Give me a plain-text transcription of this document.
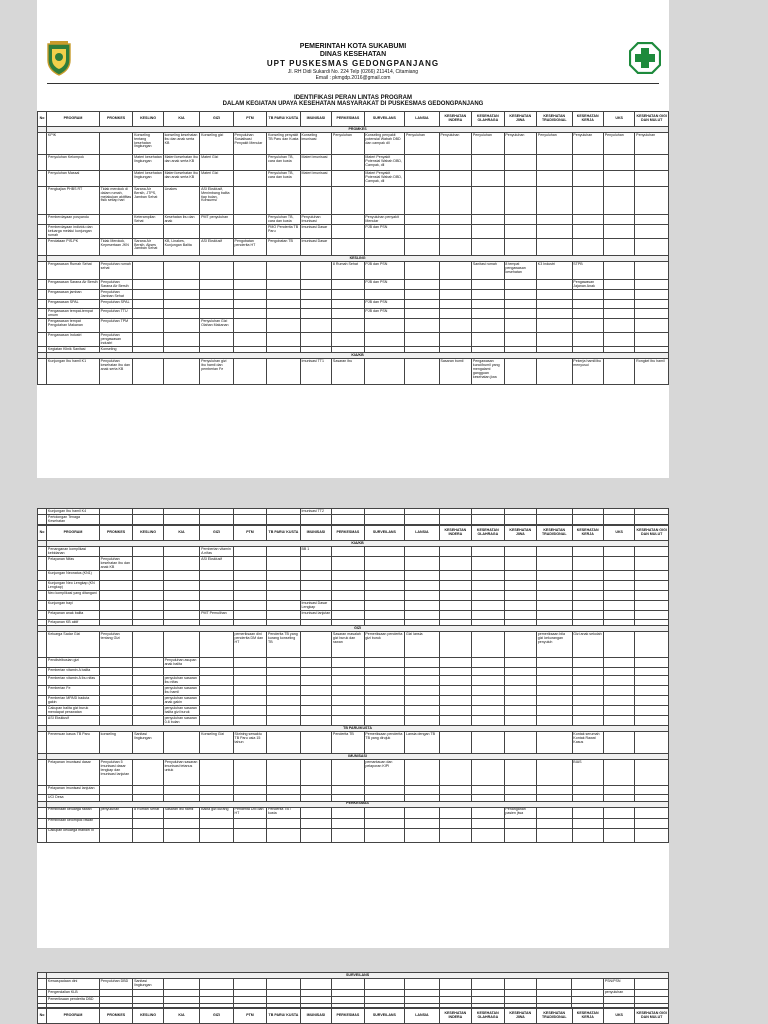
PEMERINTAH KOTA SUKABUMI
DINAS KESEHATAN
UPT PUSKESMAS GEDONGPANJANG
Jl. RH Didi Sukardi No. 224 Telp (0266) 211414, Citamiang
Email : pkmgdp.2016@gmail.com
IDENTIFIKASI PERAN LINTAS PROGRAM
DALAM KEGIATAN UPAYA KESEHATAN MASYARAKAT DI PUSKESMAS GEDONGPANJANG
No	PROGRAM	PROMKES	KESLING	KIA	GIZI	PTM	TB PARU/ KUSTA	IMUNISASI	PERKESMAS	SURVEILANS	LANSIA	KESEHATAN INDERA	KESEHATAN OLAHRAGA	KESEHATAN JIWA	KESEHATAN TRADISIONAL	KESEHATAN KERJA	UKS	KESEHATAN GIGI DAN MULUT
	PROMKES																	
	KPIK		Konseling tentang kesehatan lingkungan	konseling kesehatan ibu dan anak serta KB	Konseling gizi	Penyuluhan Sosialisasi Penyakit Menular	Konseling penyakit TB Paru dan Kusta	Konseling imunisasi	Penyuluhan	Konseling penyakit potensial Wabah DBD dan campak dll	Penyuluhan	Penyuluhan	Penyuluhan	Penyuluhan	Penyuluhan	Penyuluhan	Penyuluhan	Penyuluhan
	Penyuluhan Kelompok		Materi kesehatan lingkungan	Materi kesehatan ibu dan anak serta KB	Materi Gizi		Penyuluhan TB, cara dan kusta	Materi imunisasi		Materi Penyakit Potensial Wabah DBD, Campak, dll								
	Penyuluhan Massal		Materi kesehatan lingkungan	Materi kesehatan ibu dan anak serta KB	Materi Gizi		Penyuluhan TB, cara dan kusta	Materi imunisasi		Materi Penyakit Potensial Wabah DBD, Campak, dll								
	Pengkajian PHBS RT	Tidak merokok di dalam rumah, melakukan aktifitas fisik setiap hari	Sarana Air Bersih, JTPS, Jamban Sehat	Linakes	ASI Eksklusif, Menimbang balita tiap bulan, Konsumsi													
	Pemberdayaan posyandu		Keterampilan Sehat	Kesehatan ibu dan anak	PMT penyuluhan		Penyuluhan TB, cara dan kusta	Penyuluhan Imunisasi		Penyuluhan penyakit Menular								
	Pemberdayaan individu dan keluarga melalui kunjungan rumah						PMO Penderita TB Paru	Imunisasi Dasar		PJB dan PSN								
	Pendataan PIS-PK	Tidak Merokok, Kepesertaan JKN	Sarana Air Bersih, Akses Jamban Sehat	KB, Linakes, Kunjungan Balita	ASI Eksklusif	Pengobatan penderita HT	Pengobatan TB	Imunisasi Dasar										
	KESLING																	
	Pengawasan Rumah Sehat	Penyuluhan rumah sehat							8 Rumah Sehat	PJB dan PSN			Sanitasi rumah	8 tempat pengawasan kesehatan	K3 Industri	STPB		
	Pengawasan Sarana Air Bersih	Penyuluhan Sarana Air Bersih								PJB dan PSN						Pengawasan Jajanan Anak		
	Pengawasan jamban	Penyuluhan Jamban Sehat																
	Pengawasan SPAL	Penyuluhan SPAL								PJB dan PSN								
	Pengawasan tempat-tempat umum	Penyuluhan TTU								PJB dan PSN								
	Pengawasan tempat Pengolahan Makanan	Penyuluhan TPM			Penyuluhan Gizi Olahan Makanan													
	Pengawasan Industri	Penyuluhan pengawasan industri																
	Kegiatan Klinik Sanitasi	Konseling																
	KIA/KB																	
	Kunjungan Ibu hamil K1	Penyuluhan kesehatan ibu dan anak serta KB			Penyuluhan gizi ibu hamil dan pemberian Fe			Imunisasi TT1	Sasaran ibu			Sasaran bumil	Pengawasan kunci/bumil yang mengalami gangguan kesehatan jiwa			Pekerja hamil/ibu menyusui		Rongkel ibu hamil
	Kunjungan Ibu hamil K4							Imunisasi TT2										
	Pertolongan Tenaga Kesehatan																	
No	PROGRAM	PROMKES	KESLING	KIA	GIZI	PTM	TB PARU/ KUSTA	IMUNISASI	PERKESMAS	SURVEILANS	LANSIA	KESEHATAN INDERA	KESEHATAN OLAHRAGA	KESEHATAN JIWA	KESEHATAN TRADISIONAL	KESEHATAN KERJA	UKS	KESEHATAN GIGI DAN MULUT
	KIA/KB																	
	Penanganan komplikasi kebidanan				Pemberian vitamin A nifas			BB 1										
	Pelayanan Nifas	Penyuluhan kesehatan ibu dan anak KB			ASI Eksklusif													
	Kunjungan Neonatus (KN1)																	
	Kunjungan Neo Lengkap (KN Lengkap)																	
	Neo komplikasi yang ditangani																	
	Kunjungan bayi							Imunisasi Dasar Lengkap										
	Pelayanan anak balita				PMT Pemulihan			Imunisasi lanjutan										
	Pelayanan KB aktif																	
	GIZI																	
	Keluarga Sadar Gizi	Penyuluhan tentang Gizi				pemeriksaan dini penderita DM dan HT	Penderita TB yang kurang konseling TB		Sasaran masalah gizi buruk dan rawan	Pemeriksaan penderita gizi buruk	Gizi lansia				pemeriksaan bila gizi kekurangan penyuluh	Gizi anak sekolah		
	Pendistribusian gizi			Penyuluhan asupan anak balita														
	Pemberian vitamin A balita																	
	Pemberian vitamin A ibu nifas			penyuluhan sasaran ibu nifas														
	Pemberian Fe			penyuluhan sasaran ibu hamil														
	Pemberian MPASI baduta gakin			penyuluhan sasaran anak gakin														
	Cakupan balita gizi buruk mendapat perawatan			penyuluhan sasaran balita gizi buruk														
	ASI Eksklusif			penyuluhan sasaran 0-6 bulan														
	TB PARU/KUSTA																	
	Penemuan kasus TB Paru	konseling	Sanitasi lingkungan		Konseling Gizi	Skrining sewaktu TB Paru usia 15 tahun			Penderita TB	Pemeriksaan penderita TB yang dirujuk	Lansia dengan TB					Kontak serumah Kontak Rawat Kasus		
	IMUNISASI																	
	Pelayanan imunisasi dasar	Penyuluhan 5 imunisasi dasar lengkap dan imunisasi lanjutan		Penyuluhan sasaran imunisasi tetanus untuk						pemantauan dan pelaporan KIPI						BIAS		
	Pelayanan imunisasi lanjutan																	
	UCI Desa																	
	PERKESMAS																	
	Pembinaan keluarga rawan	penyuluhan	8 Rumah Sehat	Sasaran ibu hamil	Balita gizi kurang	Penderita DM dan HT	Penderita TB / kusta							Penanganan pasien jiwa				
	Pembinaan kelompok rawan																	
	Cakupan keluarga mandiri III																	
	SURVEILANS																	
	Kewaspadaan dini	Penyuluhan DBD	Sanitasi lingkungan														PSN/PSN	
	Pengendalian KLB																penyuluhan	
	Pemeriksaan penderita DBD																	

No	PROGRAM	PROMKES	KESLING	KIA	GIZI	PTM	TB PARU/ KUSTA	IMUNISASI	PERKESMAS	SURVEILANS	LANSIA	KESEHATAN INDERA	KESEHATAN OLAHRAGA	KESEHATAN JIWA	KESEHATAN TRADISIONAL	KESEHATAN KERJA	UKS	KESEHATAN GIGI DAN MULUT
